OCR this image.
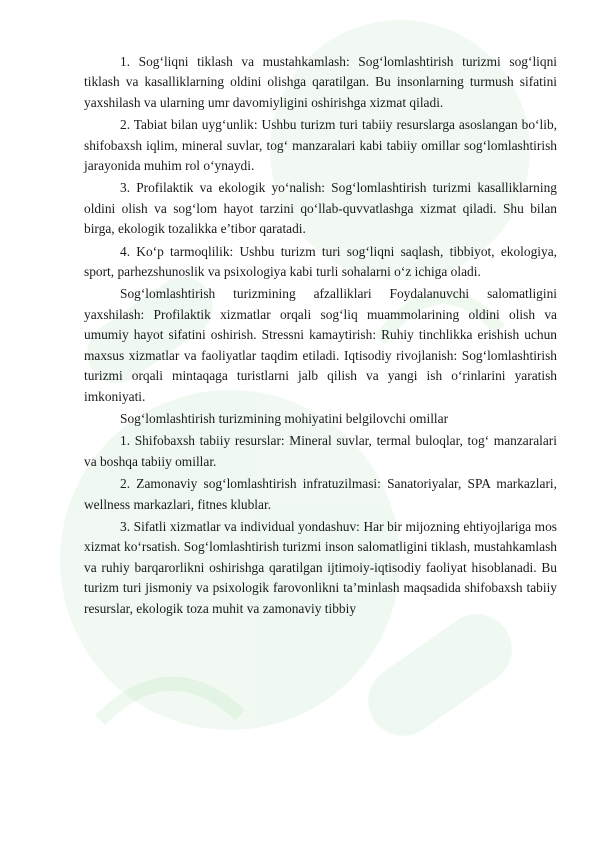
1. Sog‘liqni tiklash va mustahkamlash: Sog‘lomlashtirish turizmi sog‘liqni tiklash va kasalliklarning oldini olishga qaratilgan. Bu insonlarning turmush sifatini yaxshilash va ularning umr davomiyligini oshirishga xizmat qiladi.

2. Tabiat bilan uyg‘unlik: Ushbu turizm turi tabiiy resurslarga asoslangan bo‘lib, shifobaxsh iqlim, mineral suvlar, tog‘ manzaralari kabi tabiiy omillar sog‘lomlashtirish jarayonida muhim rol o‘ynaydi.

3. Profilaktik va ekologik yo‘nalish: Sog‘lomlashtirish turizmi kasalliklarning oldini olish va sog‘lom hayot tarzini qo‘llab-quvvatlashga xizmat qiladi. Shu bilan birga, ekologik tozalikka e’tibor qaratadi.

4. Ko‘p tarmoqlilik: Ushbu turizm turi sog‘liqni saqlash, tibbiyot, ekologiya, sport, parhezshunoslik va psixologiya kabi turli sohalarni o‘z ichiga oladi.

Sog‘lomlashtirish turizmining afzalliklari Foydalanuvchi salomatligini yaxshilash: Profilaktik xizmatlar orqali sog‘liq muammolarining oldini olish va umumiy hayot sifatini oshirish. Stressni kamaytirish: Ruhiy tinchlikka erishish uchun maxsus xizmatlar va faoliyatlar taqdim etiladi. Iqtisodiy rivojlanish: Sog‘lomlashtirish turizmi orqali mintaqaga turistlarni jalb qilish va yangi ish o‘rinlarini yaratish imkoniyati.

Sog‘lomlashtirish turizmining mohiyatini belgilovchi omillar

1. Shifobaxsh tabiiy resurslar: Mineral suvlar, termal buloqlar, tog‘ manzaralari va boshqa tabiiy omillar.

2. Zamonaviy sog‘lomlashtirish infratuzilmasi: Sanatoriyalar, SPA markazlari, wellness markazlari, fitnes klublar.

3. Sifatli xizmatlar va individual yondashuv: Har bir mijozning ehtiyojlariga mos xizmat ko‘rsatish. Sog‘lomlashtirish turizmi inson salomatligini tiklash, mustahkamlash va ruhiy barqarorlikni oshirishga qaratilgan ijtimoiy-iqtisodiy faoliyat hisoblanadi. Bu turizm turi jismoniy va psixologik farovonlikni ta’minlash maqsadida shifobaxsh tabiiy resurslar, ekologik toza muhit va zamonaviy tibbiy
